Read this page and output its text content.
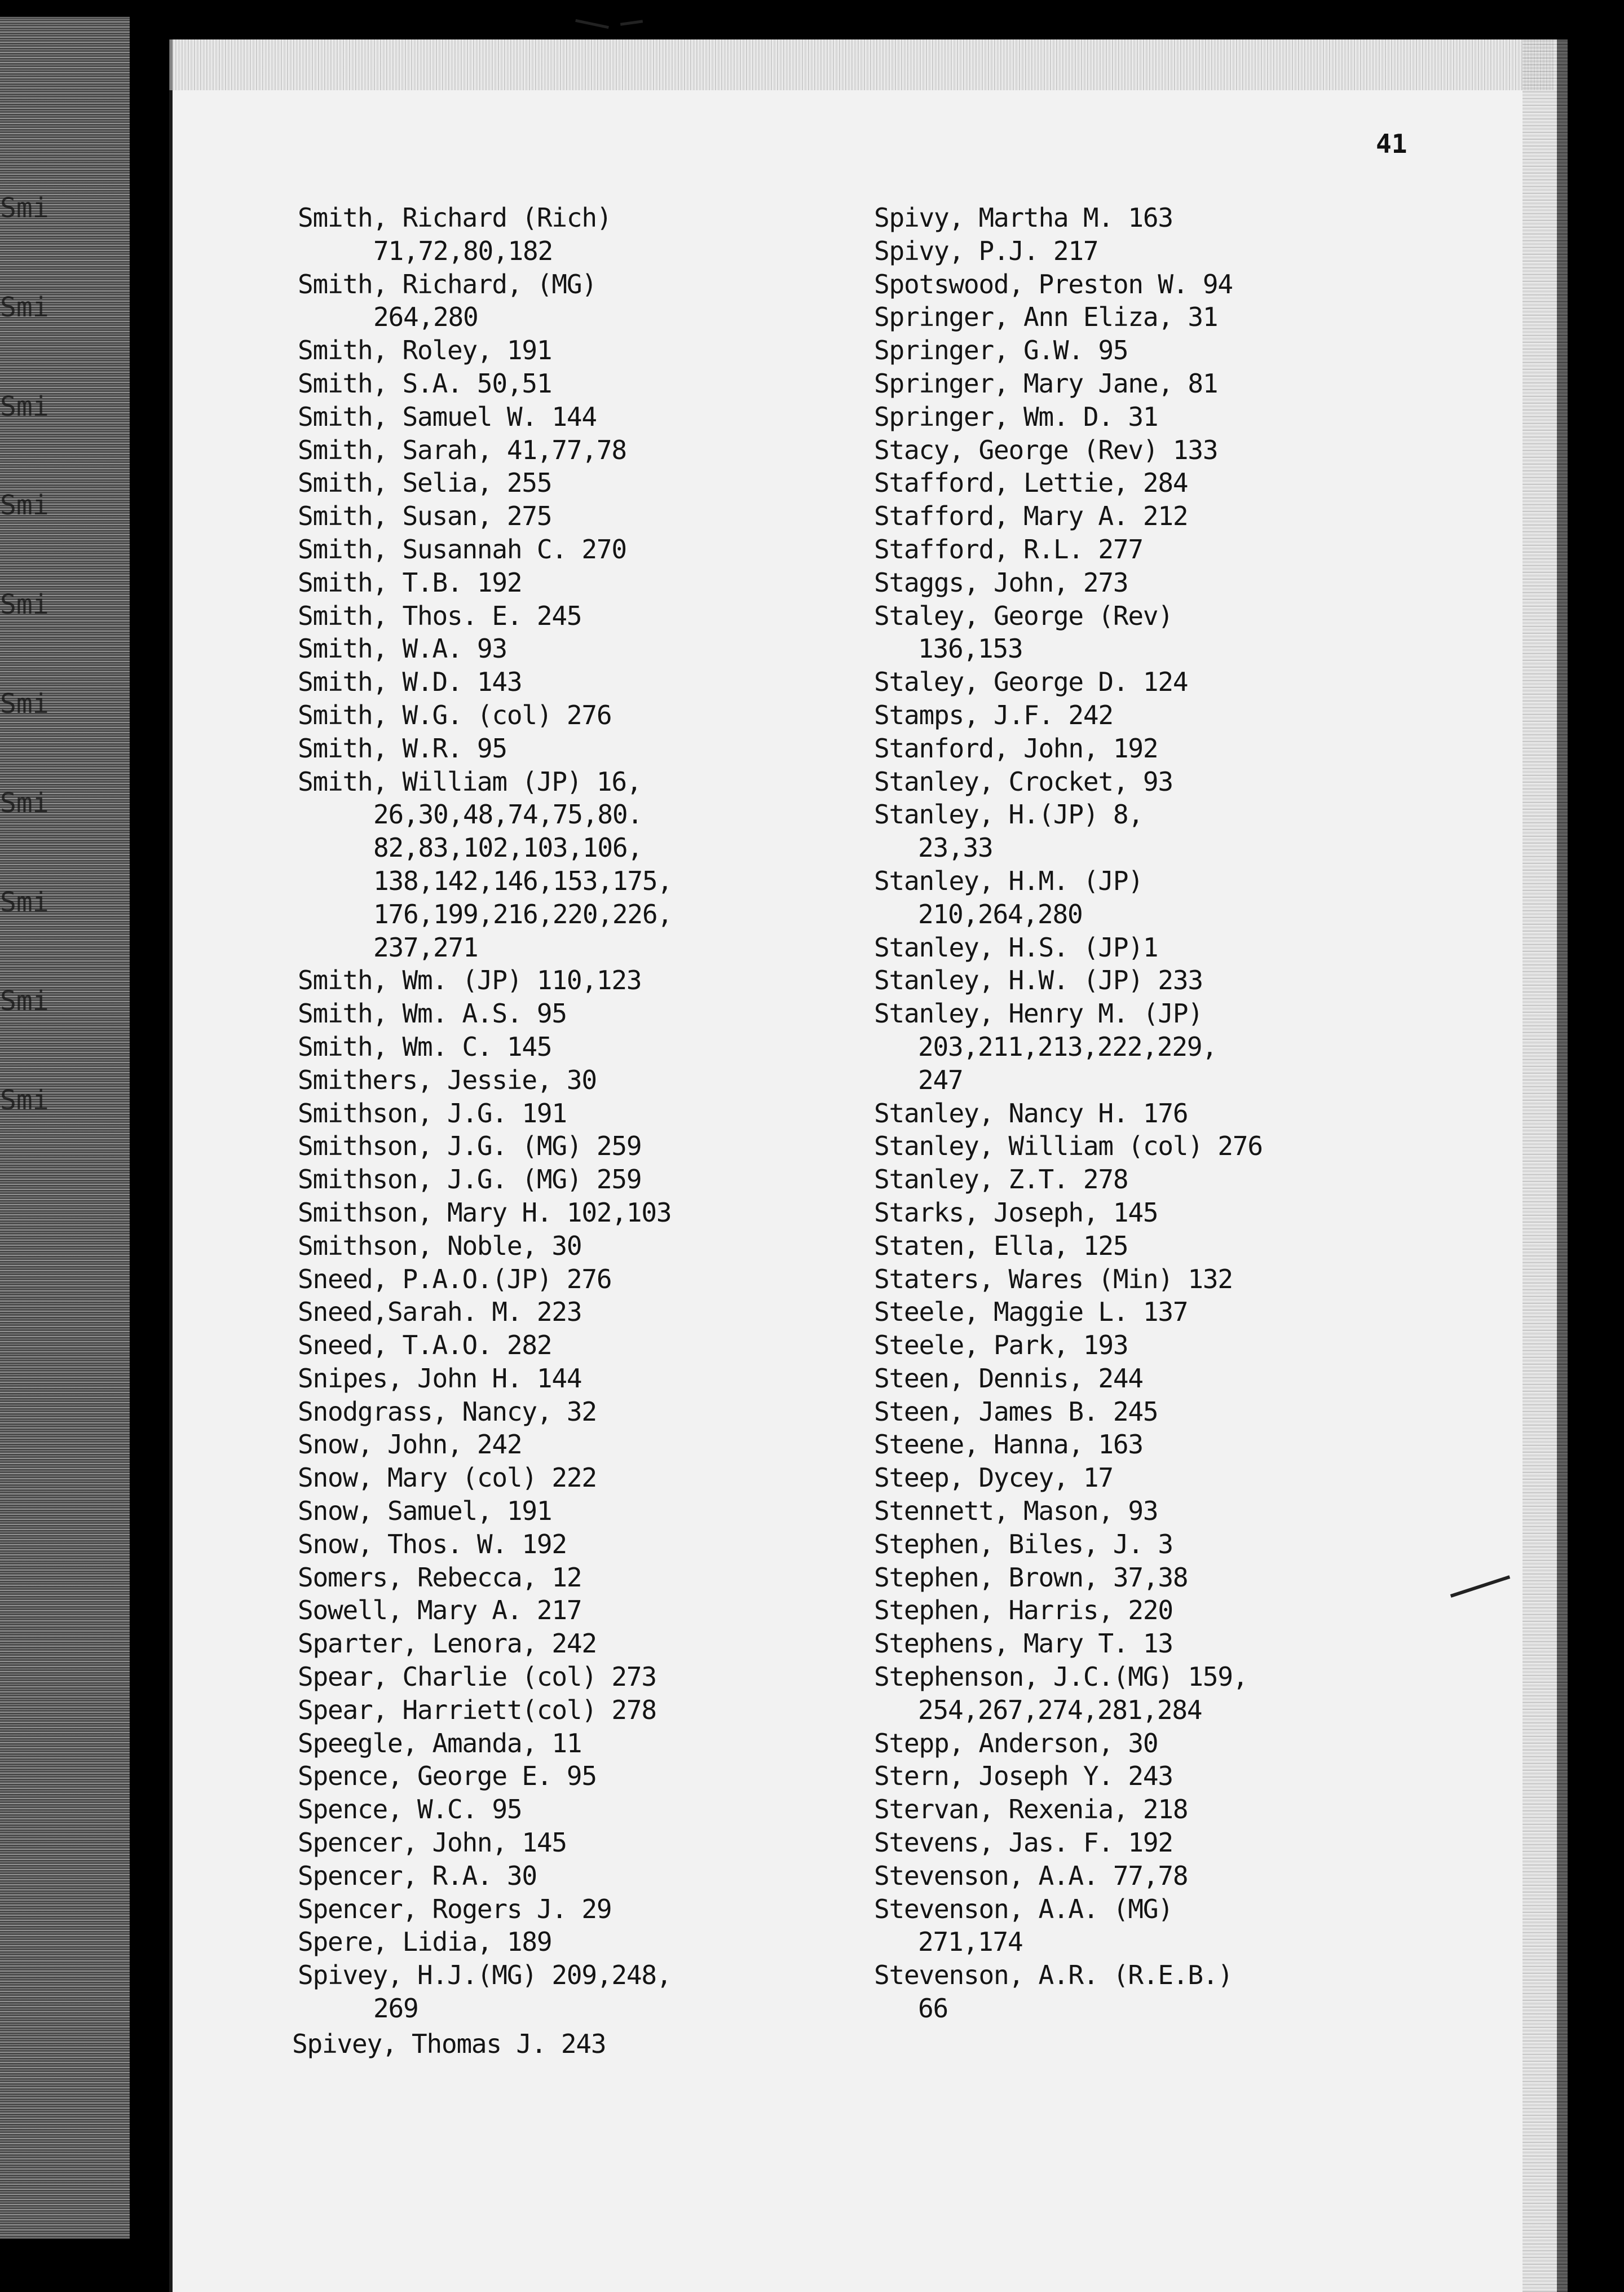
Smi
Smi
Smi
Smi
Smi
Smi
Smi
Smi
Smi
Smi
41
Smith, Richard (Rich)
71,72,80,182
Smith, Richard, (MG)
264,280
Smith, Roley, 191
Smith, S.A. 50,51
Smith, Samuel W. 144
Smith, Sarah, 41,77,78
Smith, Selia, 255
Smith, Susan, 275
Smith, Susannah C. 270
Smith, T.B. 192
Smith, Thos. E. 245
Smith, W.A. 93
Smith, W.D. 143
Smith, W.G. (col) 276
Smith, W.R. 95
Smith, William (JP) 16,
26,30,48,74,75,80.
82,83,102,103,106,
138,142,146,153,175,
176,199,216,220,226,
237,271
Smith, Wm. (JP) 110,123
Smith, Wm. A.S. 95
Smith, Wm. C. 145
Smithers, Jessie, 30
Smithson, J.G. 191
Smithson, J.G. (MG) 259
Smithson, J.G. (MG) 259
Smithson, Mary H. 102,103
Smithson, Noble, 30
Sneed, P.A.O.(JP) 276
Sneed,Sarah. M. 223
Sneed, T.A.O. 282
Snipes, John H. 144
Snodgrass, Nancy, 32
Snow, John, 242
Snow, Mary (col) 222
Snow, Samuel, 191
Snow, Thos. W. 192
Somers, Rebecca, 12
Sowell, Mary A. 217
Sparter, Lenora, 242
Spear, Charlie (col) 273
Spear, Harriett(col) 278
Speegle, Amanda, 11
Spence, George E. 95
Spence, W.C. 95
Spencer, John, 145
Spencer, R.A. 30
Spencer, Rogers J. 29
Spere, Lidia, 189
Spivey, H.J.(MG) 209,248,
269
Spivy, Martha M. 163
Spivy, P.J. 217
Spotswood, Preston W. 94
Springer, Ann Eliza, 31
Springer, G.W. 95
Springer, Mary Jane, 81
Springer, Wm. D. 31
Stacy, George (Rev) 133
Stafford, Lettie, 284
Stafford, Mary A. 212
Stafford, R.L. 277
Staggs, John, 273
Staley, George (Rev)
136,153
Staley, George D. 124
Stamps, J.F. 242
Stanford, John, 192
Stanley, Crocket, 93
Stanley, H.(JP) 8,
23,33
Stanley, H.M. (JP)
210,264,280
Stanley, H.S. (JP)1
Stanley, H.W. (JP) 233
Stanley, Henry M. (JP)
203,211,213,222,229,
247
Stanley, Nancy H. 176
Stanley, William (col) 276
Stanley, Z.T. 278
Starks, Joseph, 145
Staten, Ella, 125
Staters, Wares (Min) 132
Steele, Maggie L. 137
Steele, Park, 193
Steen, Dennis, 244
Steen, James B. 245
Steene, Hanna, 163
Steep, Dycey, 17
Stennett, Mason, 93
Stephen, Biles, J. 3
Stephen, Brown, 37,38
Stephen, Harris, 220
Stephens, Mary T. 13
Stephenson, J.C.(MG) 159,
254,267,274,281,284
Stepp, Anderson, 30
Stern, Joseph Y. 243
Stervan, Rexenia, 218
Stevens, Jas. F. 192
Stevenson, A.A. 77,78
Stevenson, A.A. (MG)
271,174
Stevenson, A.R. (R.E.B.)
66
Spivey, Thomas J. 243
